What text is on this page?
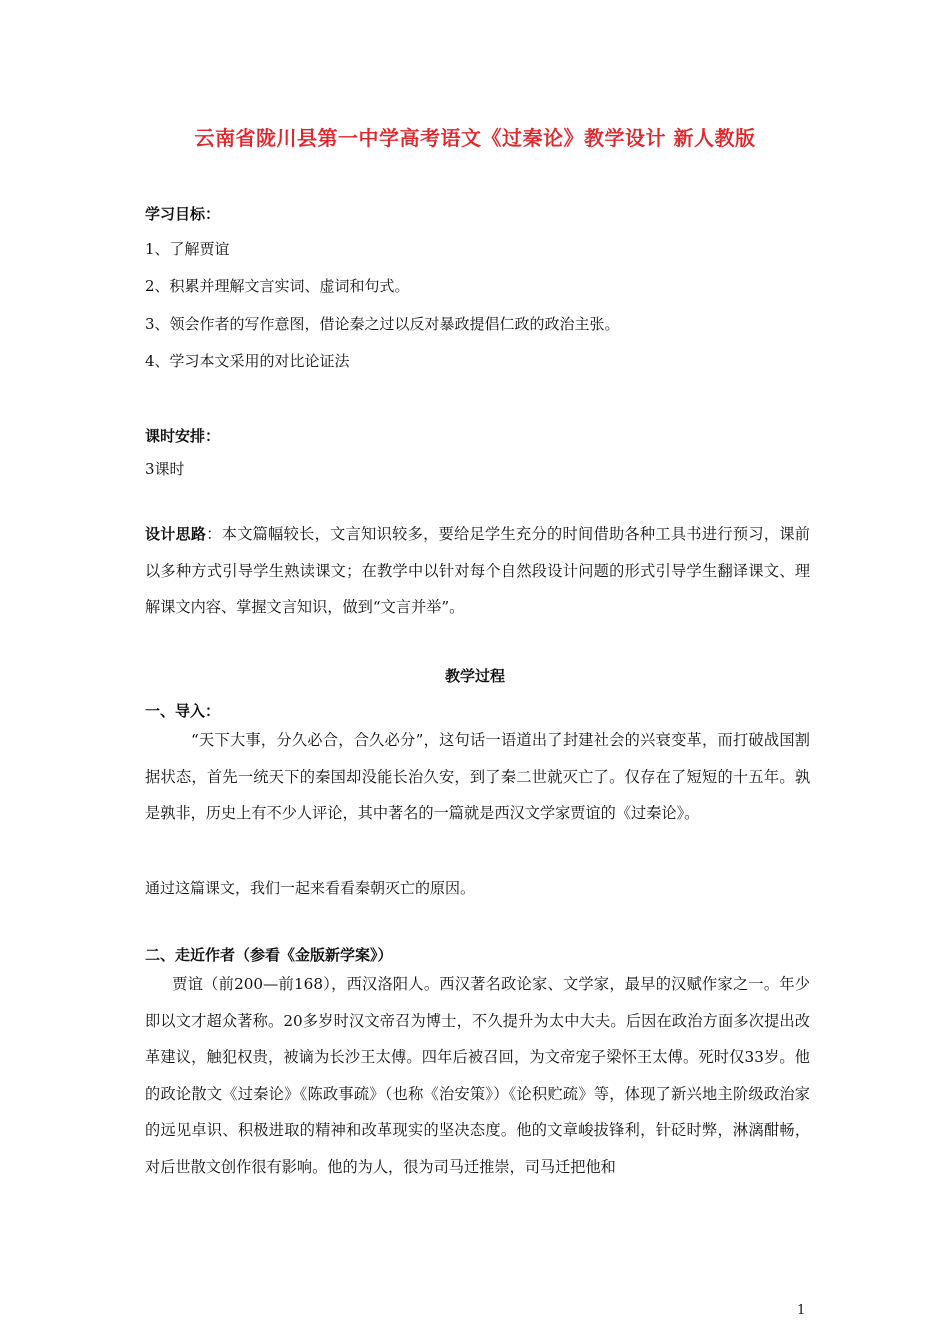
云南省陇川县第一中学高考语文《过秦论》教学设计 新人教版
学习目标：
1、了解贾谊
2、积累并理解文言实词、虚词和句式。
3、领会作者的写作意图，借论秦之过以反对暴政提倡仁政的政治主张。
4、学习本文采用的对比论证法
课时安排：
3课时
设计思路：本文篇幅较长，文言知识较多，要给足学生充分的时间借助各种工具书进行预习，课前以多种方式引导学生熟读课文；在教学中以针对每个自然段设计问题的形式引导学生翻译课文、理解课文内容、掌握文言知识，做到“文言并举”。
教学过程
一、导入：
“天下大事，分久必合，合久必分”，这句话一语道出了封建社会的兴衰变革，而打破战国割据状态，首先一统天下的秦国却没能长治久安，到了秦二世就灭亡了。仅存在了短短的十五年。孰是孰非，历史上有不少人评论，其中著名的一篇就是西汉文学家贾谊的《过秦论》。
通过这篇课文，我们一起来看看秦朝灭亡的原因。
二、走近作者（参看《金版新学案》）
贾谊（前200—前168），西汉洛阳人。西汉著名政论家、文学家，最早的汉赋作家之一。年少即以文才超众著称。20多岁时汉文帝召为博士，不久提升为太中大夫。后因在政治方面多次提出改革建议，触犯权贵，被谪为长沙王太傅。四年后被召回，为文帝宠子梁怀王太傅。死时仅33岁。他的政论散文《过秦论》《陈政事疏》（也称《治安策》）《论积贮疏》等，体现了新兴地主阶级政治家的远见卓识、积极进取的精神和改革现实的坚决态度。他的文章峻拔锋利，针砭时弊，淋漓酣畅，对后世散文创作很有影响。他的为人，很为司马迁推崇，司马迁把他和
1
